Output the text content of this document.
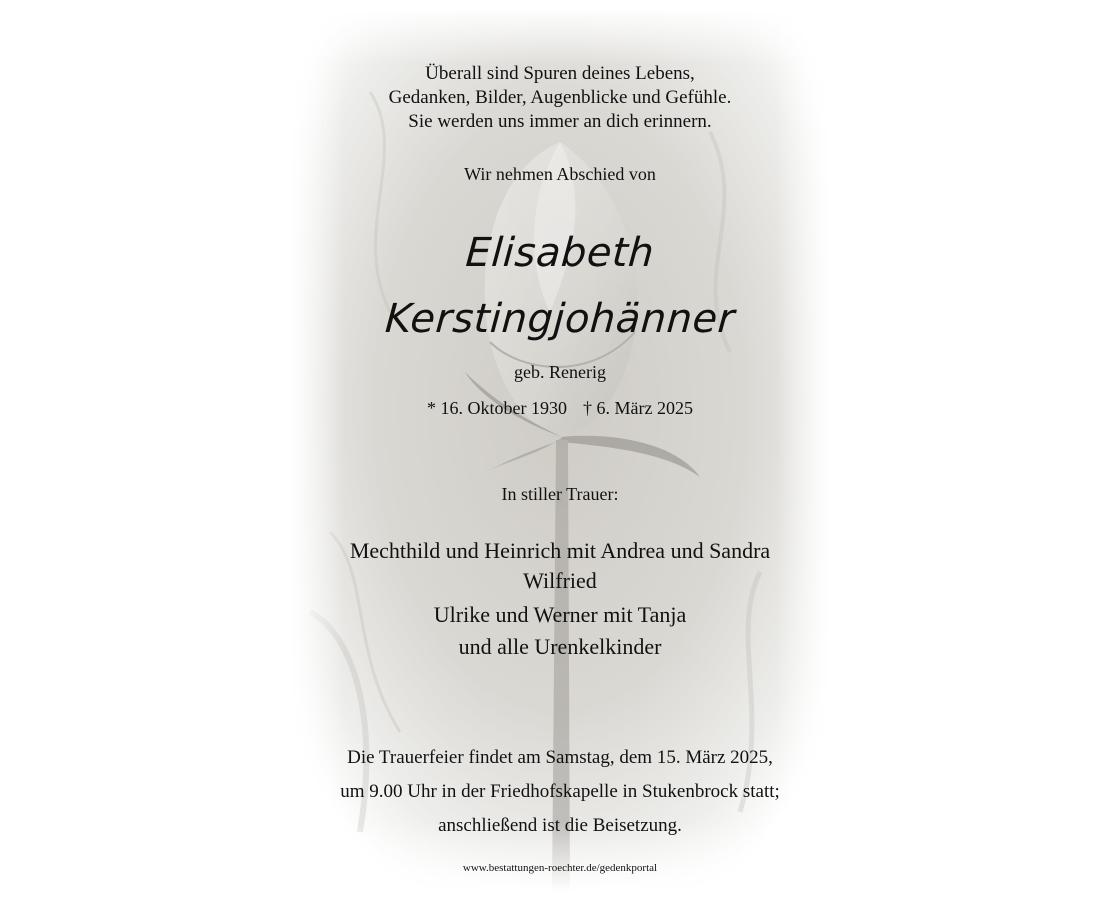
Überall sind Spuren deines Lebens,
Gedanken, Bilder, Augenblicke und Gefühle.
Sie werden uns immer an dich erinnern.
Wir nehmen Abschied von
Elisabeth
Kerstingjohänner
geb. Renerig
* 16. Oktober 1930 † 6. März 2025
In stiller Trauer:
Mechthild und Heinrich mit Andrea und Sandra
Wilfried
Ulrike und Werner mit Tanja
und alle Urenkelkinder
Die Trauerfeier findet am Samstag, dem 15. März 2025,
um 9.00 Uhr in der Friedhofskapelle in Stukenbrock statt;
anschließend ist die Beisetzung.
www.bestattungen-roechter.de/gedenkportal
